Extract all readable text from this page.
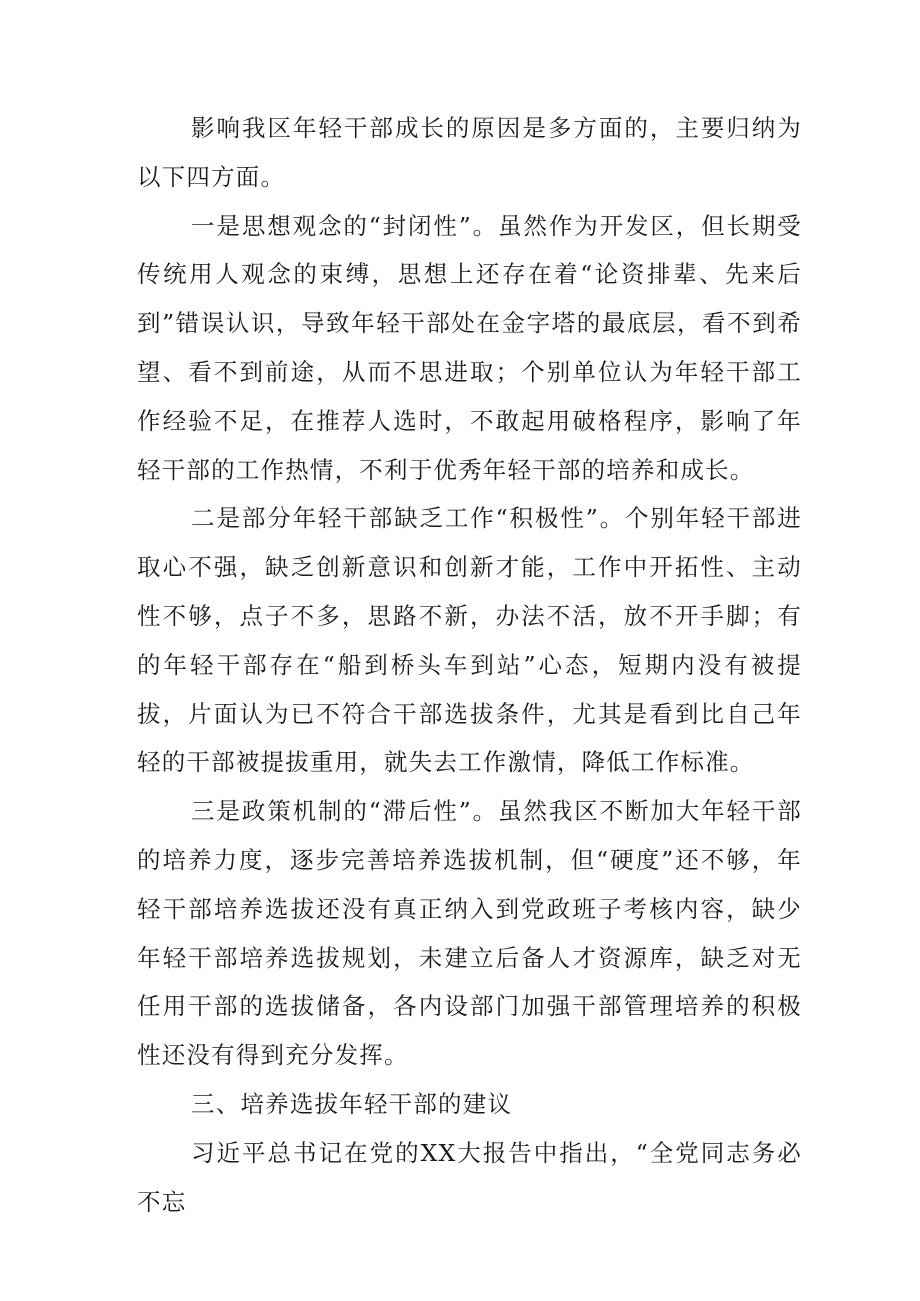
影响我区年轻干部成长的原因是多方面的，主要归纳为以下四方面。

一是思想观念的“封闭性”。虽然作为开发区，但长期受传统用人观念的束缚，思想上还存在着“论资排辈、先来后到”错误认识，导致年轻干部处在金字塔的最底层，看不到希望、看不到前途，从而不思进取；个别单位认为年轻干部工作经验不足，在推荐人选时，不敢起用破格程序，影响了年轻干部的工作热情，不利于优秀年轻干部的培养和成长。

二是部分年轻干部缺乏工作“积极性”。个别年轻干部进取心不强，缺乏创新意识和创新才能，工作中开拓性、主动性不够，点子不多，思路不新，办法不活，放不开手脚；有的年轻干部存在“船到桥头车到站”心态，短期内没有被提拔，片面认为已不符合干部选拔条件，尤其是看到比自己年轻的干部被提拔重用，就失去工作激情，降低工作标准。

三是政策机制的“滞后性”。虽然我区不断加大年轻干部的培养力度，逐步完善培养选拔机制，但“硬度”还不够，年轻干部培养选拔还没有真正纳入到党政班子考核内容，缺少年轻干部培养选拔规划，未建立后备人才资源库，缺乏对无任用干部的选拔储备，各内设部门加强干部管理培养的积极性还没有得到充分发挥。

三、培养选拔年轻干部的建议

习近平总书记在党的XX大报告中指出，“全党同志务必不忘
